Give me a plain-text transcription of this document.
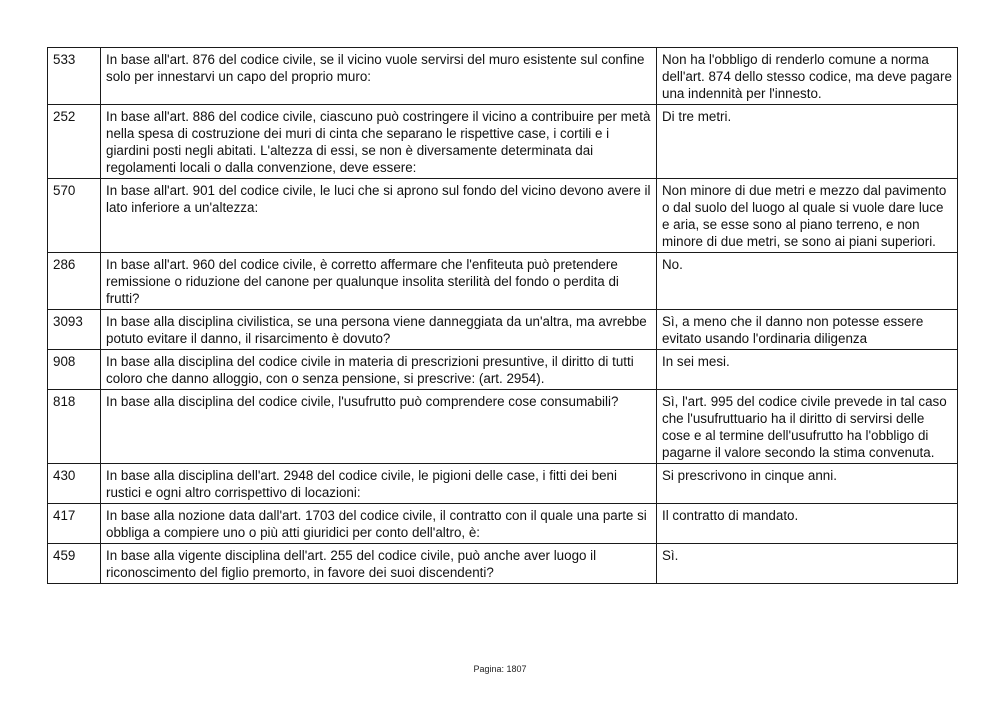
533	In base all'art. 876 del codice civile, se il vicino vuole servirsi del muro esistente sul confine solo per innestarvi un capo del proprio muro:	Non ha l'obbligo di renderlo comune a norma dell'art. 874 dello stesso codice, ma deve pagare una indennità per l'innesto.
252	In base all'art. 886 del codice civile, ciascuno può costringere il vicino a contribuire per metà nella spesa di costruzione dei muri di cinta che separano le rispettive case, i cortili e i giardini posti negli abitati. L'altezza di essi, se non è diversamente determinata dai regolamenti locali o dalla convenzione, deve essere:	Di tre metri.
570	In base all'art. 901 del codice civile, le luci che si aprono sul fondo del vicino devono avere il lato inferiore a un'altezza:	Non minore di due metri e mezzo dal pavimento o dal suolo del luogo al quale si vuole dare luce e aria, se esse sono al piano terreno, e non minore di due metri, se sono ai piani superiori.
286	In base all'art. 960 del codice civile, è corretto affermare che l'enfiteuta può pretendere remissione o riduzione del canone per qualunque insolita sterilità del fondo o perdita di frutti?	No.
3093	In base alla disciplina civilistica, se una persona viene danneggiata da un'altra, ma avrebbe potuto evitare il danno, il risarcimento è dovuto?	Sì, a meno che il danno non potesse essere evitato usando l'ordinaria diligenza
908	In base alla disciplina del codice civile in materia di prescrizioni presuntive, il diritto di tutti coloro che danno alloggio, con o senza pensione, si prescrive: (art. 2954).	In sei mesi.
818	In base alla disciplina del codice civile, l'usufrutto può comprendere cose consumabili?	Sì, l'art. 995 del codice civile prevede in tal caso che l'usufruttuario ha il diritto di servirsi delle cose e al termine dell'usufrutto ha l'obbligo di pagarne il valore secondo la stima convenuta.
430	In base alla disciplina dell'art. 2948 del codice civile, le pigioni delle case, i fitti dei beni rustici e ogni altro corrispettivo di locazioni:	Si prescrivono in cinque anni.
417	In base alla nozione data dall'art. 1703 del codice civile, il contratto con il quale una parte si obbliga a compiere uno o più atti giuridici per conto dell'altro, è:	Il contratto di mandato.
459	In base alla vigente disciplina dell'art. 255 del codice civile, può anche aver luogo il riconoscimento del figlio premorto, in favore dei suoi discendenti?	Sì.
Pagina: 1807
